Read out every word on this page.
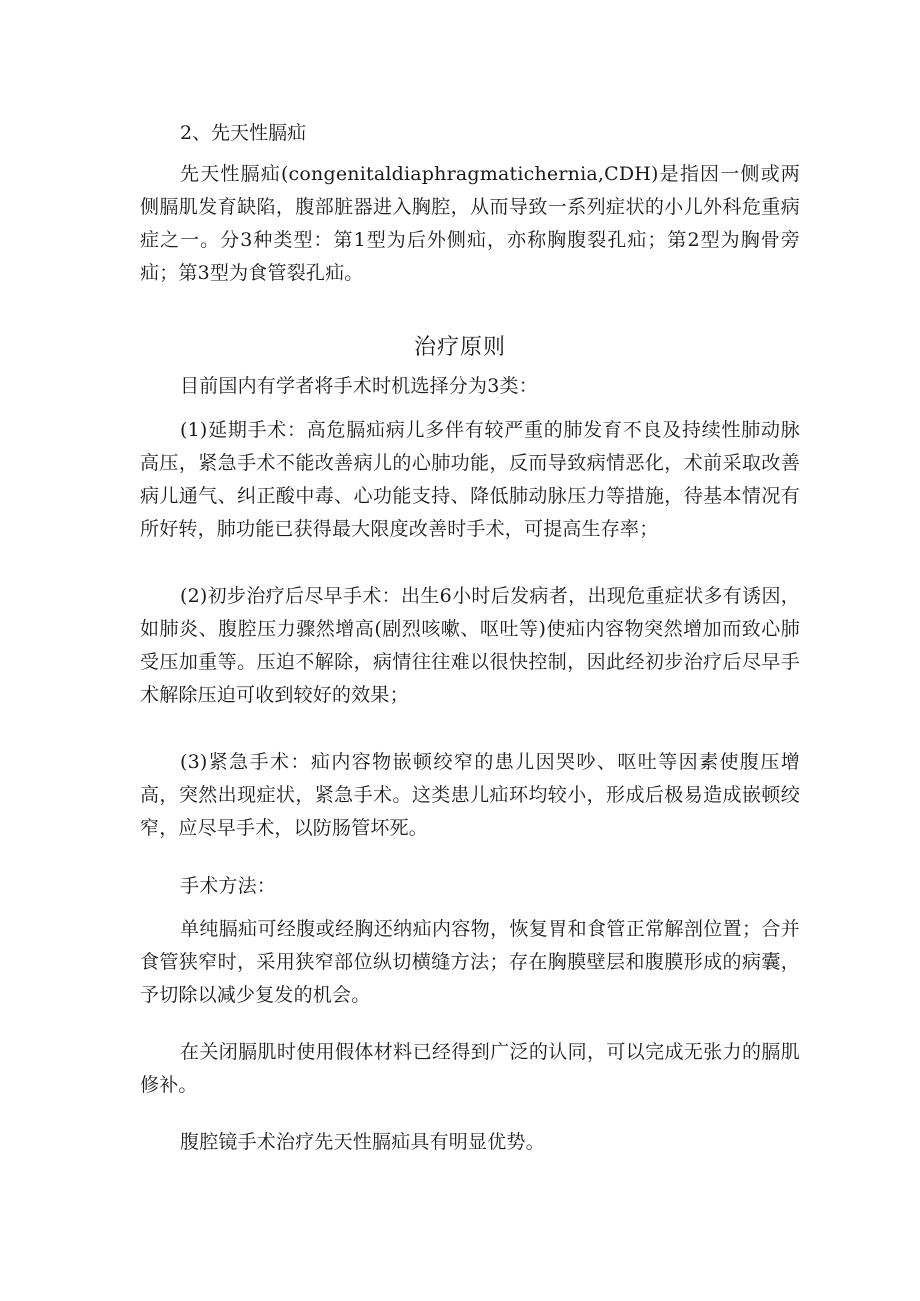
2、先天性膈疝

先天性膈疝(congenitaldiaphragmatichernia,CDH)是指因一侧或两侧膈肌发育缺陷，腹部脏器进入胸腔，从而导致一系列症状的小儿外科危重病症之一。分3种类型：第1型为后外侧疝，亦称胸腹裂孔疝；第2型为胸骨旁疝；第3型为食管裂孔疝。

治疗原则

目前国内有学者将手术时机选择分为3类：

(1)延期手术：高危膈疝病儿多伴有较严重的肺发育不良及持续性肺动脉高压，紧急手术不能改善病儿的心肺功能，反而导致病情恶化，术前采取改善病儿通气、纠正酸中毒、心功能支持、降低肺动脉压力等措施，待基本情况有所好转，肺功能已获得最大限度改善时手术，可提高生存率；

(2)初步治疗后尽早手术：出生6小时后发病者，出现危重症状多有诱因，如肺炎、腹腔压力骤然增高(剧烈咳嗽、呕吐等)使疝内容物突然增加而致心肺受压加重等。压迫不解除，病情往往难以很快控制，因此经初步治疗后尽早手术解除压迫可收到较好的效果；

(3)紧急手术：疝内容物嵌顿绞窄的患儿因哭吵、呕吐等因素使腹压增高，突然出现症状，紧急手术。这类患儿疝环均较小，形成后极易造成嵌顿绞窄，应尽早手术，以防肠管坏死。

手术方法：

单纯膈疝可经腹或经胸还纳疝内容物，恢复胃和食管正常解剖位置；合并食管狭窄时，采用狭窄部位纵切横缝方法；存在胸膜壁层和腹膜形成的病囊，予切除以减少复发的机会。

在关闭膈肌时使用假体材料已经得到广泛的认同，可以完成无张力的膈肌修补。

腹腔镜手术治疗先天性膈疝具有明显优势。
